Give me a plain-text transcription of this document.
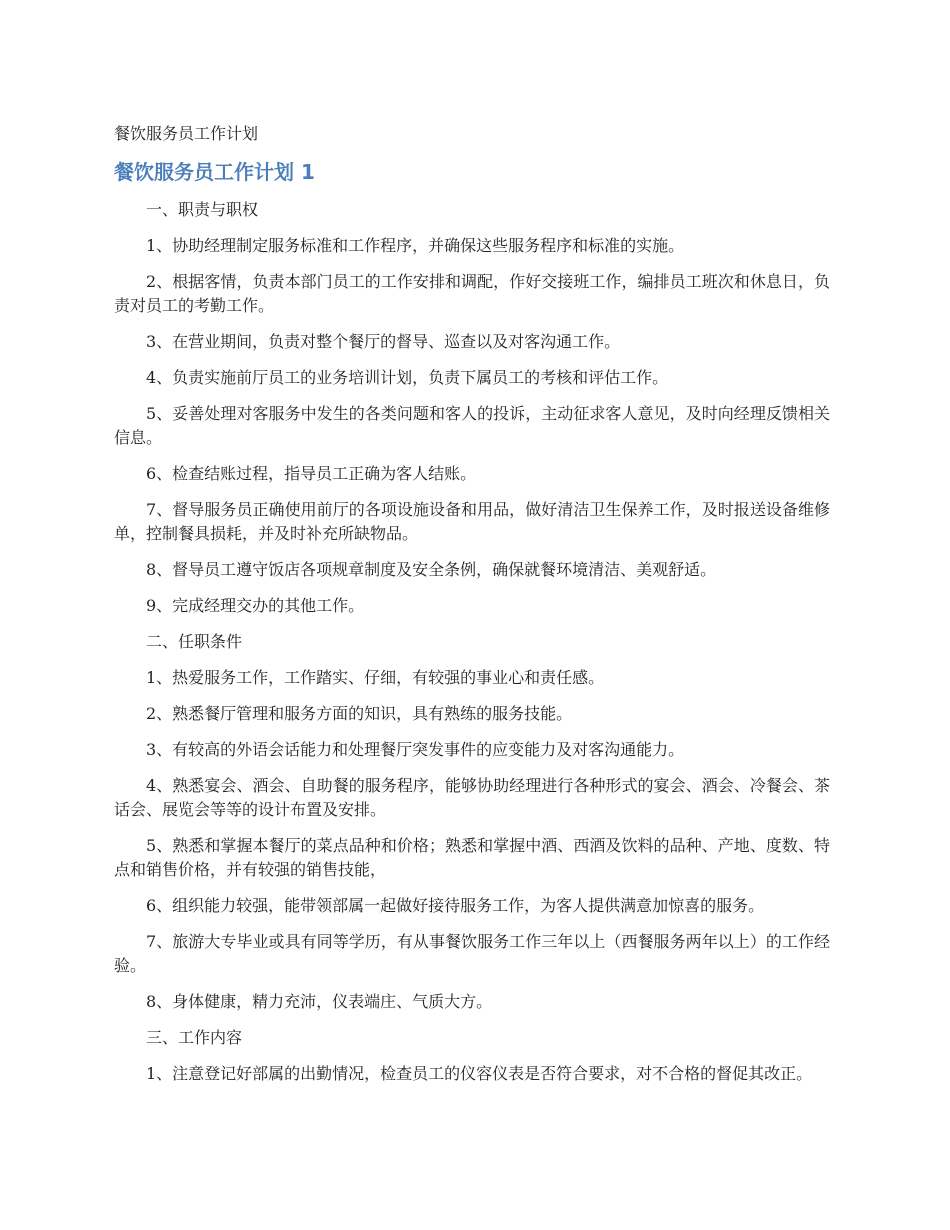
餐饮服务员工作计划
餐饮服务员工作计划 1

一、职责与职权

1、协助经理制定服务标准和工作程序，并确保这些服务程序和标准的实施。

2、根据客情，负责本部门员工的工作安排和调配，作好交接班工作，编排员工班次和休息日，负责对员工的考勤工作。

3、在营业期间，负责对整个餐厅的督导、巡查以及对客沟通工作。

4、负责实施前厅员工的业务培训计划，负责下属员工的考核和评估工作。

5、妥善处理对客服务中发生的各类问题和客人的投诉，主动征求客人意见，及时向经理反馈相关信息。

6、检查结账过程，指导员工正确为客人结账。

7、督导服务员正确使用前厅的各项设施设备和用品，做好清洁卫生保养工作，及时报送设备维修单，控制餐具损耗，并及时补充所缺物品。

8、督导员工遵守饭店各项规章制度及安全条例，确保就餐环境清洁、美观舒适。

9、完成经理交办的其他工作。

二、任职条件

1、热爱服务工作，工作踏实、仔细，有较强的事业心和责任感。

2、熟悉餐厅管理和服务方面的知识，具有熟练的服务技能。

3、有较高的外语会话能力和处理餐厅突发事件的应变能力及对客沟通能力。

4、熟悉宴会、酒会、自助餐的服务程序，能够协助经理进行各种形式的宴会、酒会、冷餐会、茶话会、展览会等等的设计布置及安排。

5、熟悉和掌握本餐厅的菜点品种和价格；熟悉和掌握中酒、西酒及饮料的品种、产地、度数、特点和销售价格，并有较强的销售技能，

6、组织能力较强，能带领部属一起做好接待服务工作，为客人提供满意加惊喜的服务。

7、旅游大专毕业或具有同等学历，有从事餐饮服务工作三年以上（西餐服务两年以上）的工作经验。

8、身体健康，精力充沛，仪表端庄、气质大方。

三、工作内容

1、注意登记好部属的出勤情况，检查员工的仪容仪表是否符合要求，对不合格的督促其改正。
